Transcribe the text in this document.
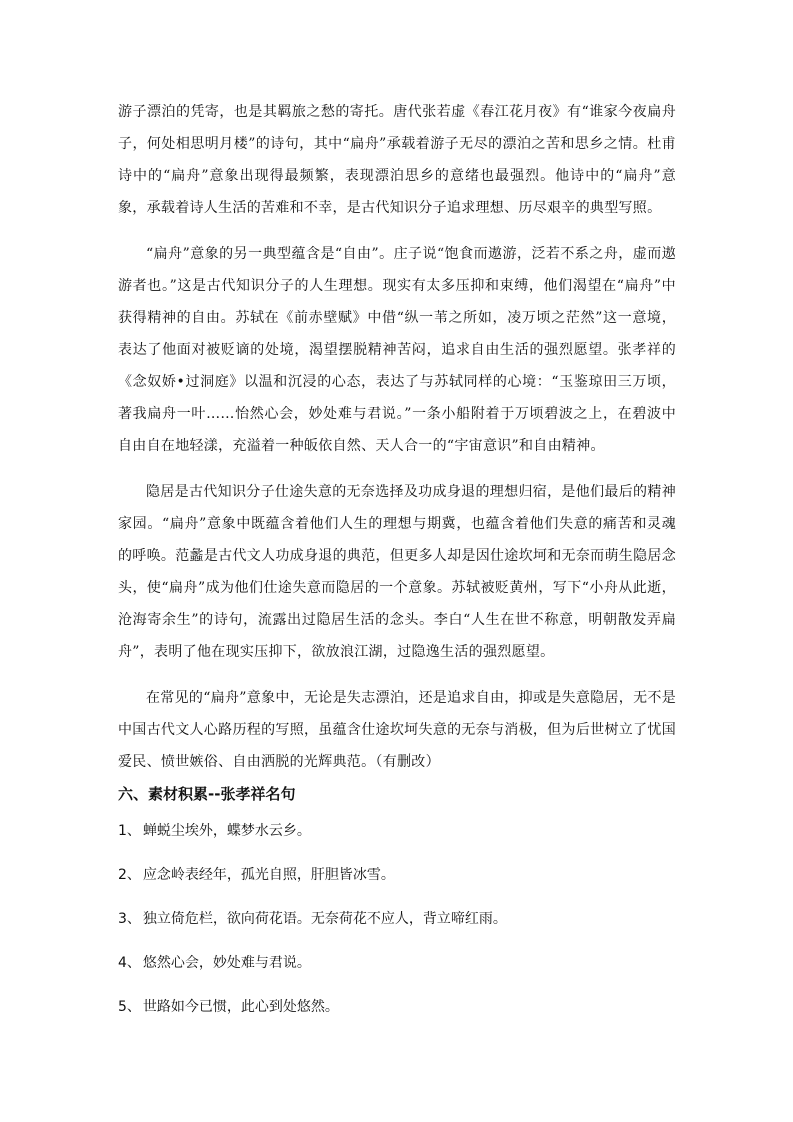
游子漂泊的凭寄，也是其羁旅之愁的寄托。唐代张若虚《春江花月夜》有“谁家今夜扁舟子，何处相思明月楼”的诗句，其中“扁舟”承载着游子无尽的漂泊之苦和思乡之情。杜甫诗中的“扁舟”意象出现得最频繁，表现漂泊思乡的意绪也最强烈。他诗中的“扁舟”意象，承载着诗人生活的苦难和不幸，是古代知识分子追求理想、历尽艰辛的典型写照。

“扁舟”意象的另一典型蕴含是“自由”。庄子说“饱食而遨游，泛若不系之舟，虚而遨游者也。”这是古代知识分子的人生理想。现实有太多压抑和束缚，他们渴望在“扁舟”中获得精神的自由。苏轼在《前赤壁赋》中借“纵一苇之所如，凌万顷之茫然”这一意境，表达了他面对被贬谪的处境，渴望摆脱精神苦闷，追求自由生活的强烈愿望。张孝祥的《念奴娇•过洞庭》以温和沉浸的心态，表达了与苏轼同样的心境：“玉鉴琼田三万顷，著我扁舟一叶……怡然心会，妙处难与君说。”一条小船附着于万顷碧波之上，在碧波中自由自在地轻漾，充溢着一种皈依自然、天人合一的“宇宙意识”和自由精神。

隐居是古代知识分子仕途失意的无奈选择及功成身退的理想归宿，是他们最后的精神家园。“扁舟”意象中既蕴含着他们人生的理想与期冀，也蕴含着他们失意的痛苦和灵魂的呼唤。范蠡是古代文人功成身退的典范，但更多人却是因仕途坎坷和无奈而萌生隐居念头，使“扁舟”成为他们仕途失意而隐居的一个意象。苏轼被贬黄州，写下“小舟从此逝，沧海寄余生”的诗句，流露出过隐居生活的念头。李白“人生在世不称意，明朝散发弄扁舟”，表明了他在现实压抑下，欲放浪江湖，过隐逸生活的强烈愿望。

在常见的“扁舟”意象中，无论是失志漂泊，还是追求自由，抑或是失意隐居，无不是中国古代文人心路历程的写照，虽蕴含仕途坎坷失意的无奈与消极，但为后世树立了忧国爱民、愤世嫉俗、自由洒脱的光辉典范。（有删改）

六、素材积累--张孝祥名句

1、 蝉蜕尘埃外，蝶梦水云乡。

2、 应念岭表经年，孤光自照，肝胆皆冰雪。

3、 独立倚危栏，欲向荷花语。无奈荷花不应人，背立啼红雨。

4、 悠然心会，妙处难与君说。

5、 世路如今已惯，此心到处悠然。
